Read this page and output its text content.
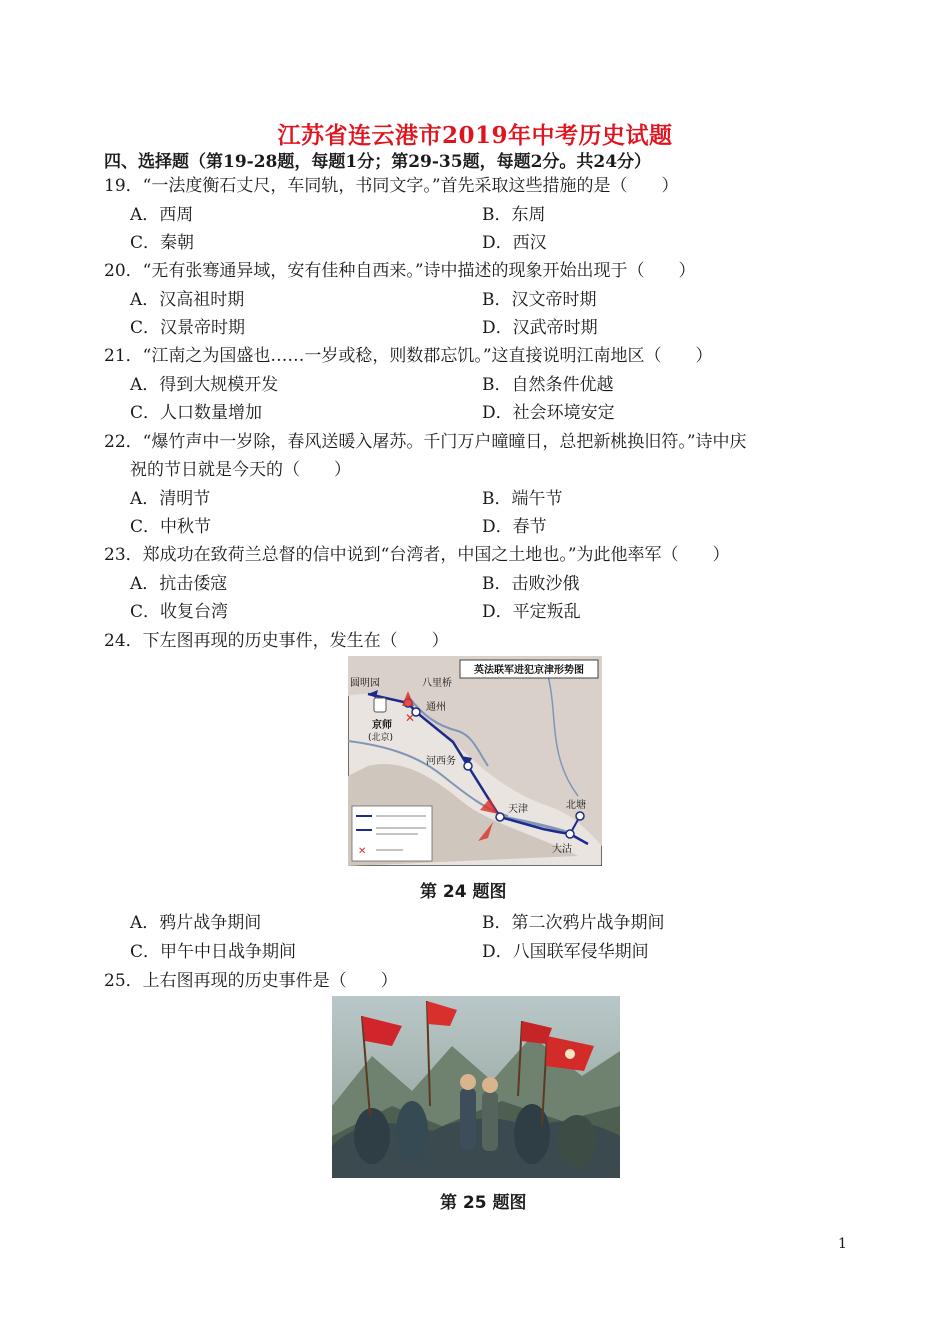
江苏省连云港市2019年中考历史试题
四、选择题（第19-28题，每题1分；第29-35题，每题2分。共24分）
19．“一法度衡石丈尺，车同轨，书同文字。”首先采取这些措施的是（　　）
A．西周	B．东周
C．秦朝	D．西汉
20．“无有张骞通异域，安有佳种自西来。”诗中描述的现象开始出现于（　　）
A．汉高祖时期	B．汉文帝时期
C．汉景帝时期	D．汉武帝时期
21．“江南之为国盛也……一岁或稔，则数郡忘饥。”这直接说明江南地区（　　）
A．得到大规模开发	B．自然条件优越
C．人口数量增加	D．社会环境安定
22．“爆竹声中一岁除，春风送暖入屠苏。千门万户曈曈日，总把新桃换旧符。”诗中庆
祝的节日就是今天的（　　）
A．清明节	B．端午节
C．中秋节	D．春节
23．郑成功在致荷兰总督的信中说到“台湾者，中国之土地也。”为此他率军（　　）
A．抗击倭寇	B．击败沙俄
C．收复台湾	D．平定叛乱
24．下左图再现的历史事件，发生在（　　）
英法联军进犯京津形势图
✕
圆明园	八里桥
通州
京师
(北京)
河西务
天津	北塘
大沽
✕
第 24 题图
A．鸦片战争期间	B．第二次鸦片战争期间
C．甲午中日战争期间	D．八国联军侵华期间
25．上右图再现的历史事件是（　　）
第 25 题图
1
